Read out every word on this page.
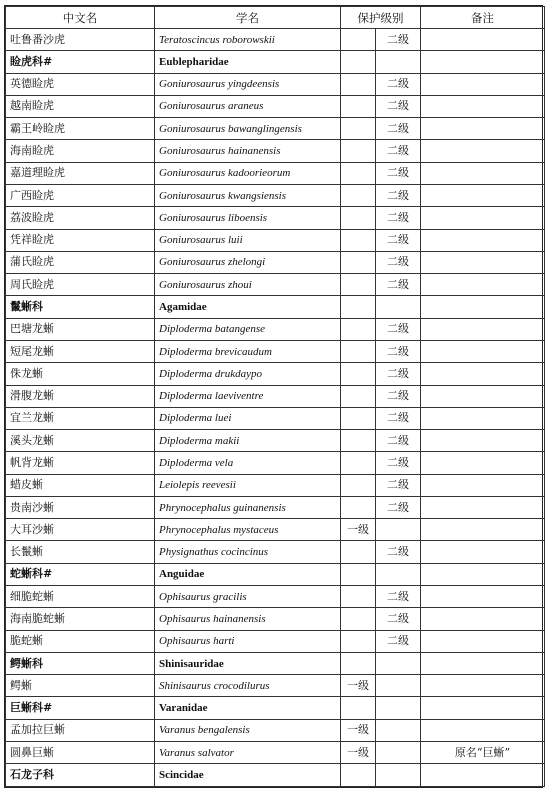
中文名	学名	保护级别		备注
吐鲁番沙虎	Teratoscincus roborowskii		二级	
睑虎科#	Eublepharidae			
英德睑虎	Goniurosaurus yingdeensis		二级	
越南睑虎	Goniurosaurus araneus		二级	
霸王岭睑虎	Goniurosaurus bawanglingensis		二级	
海南睑虎	Goniurosaurus hainanensis		二级	
嘉道理睑虎	Goniurosaurus kadoorieorum		二级	
广西睑虎	Goniurosaurus kwangsiensis		二级	
荔波睑虎	Goniurosaurus liboensis		二级	
凭祥睑虎	Goniurosaurus luii		二级	
蒲氏睑虎	Goniurosaurus zhelongi		二级	
周氏睑虎	Goniurosaurus zhoui		二级	
鬣蜥科	Agamidae			
巴塘龙蜥	Diploderma batangense		二级	
短尾龙蜥	Diploderma brevicaudum		二级	
侏龙蜥	Diploderma drukdaypo		二级	
滑腹龙蜥	Diploderma laeviventre		二级	
宜兰龙蜥	Diploderma luei		二级	
溪头龙蜥	Diploderma makii		二级	
帆背龙蜥	Diploderma vela		二级	
蜡皮蜥	Leiolepis reevesii		二级	
贵南沙蜥	Phrynocephalus guinanensis		二级	
大耳沙蜥	Phrynocephalus mystaceus	一级		
长鬣蜥	Physignathus cocincinus		二级	
蛇蜥科#	Anguidae			
细脆蛇蜥	Ophisaurus gracilis		二级	
海南脆蛇蜥	Ophisaurus hainanensis		二级	
脆蛇蜥	Ophisaurus harti		二级	
鳄蜥科	Shinisauridae			
鳄蜥	Shinisaurus crocodilurus	一级		
巨蜥科#	Varanidae			
孟加拉巨蜥	Varanus bengalensis	一级		
圆鼻巨蜥	Varanus salvator	一级		原名“巨蜥”
石龙子科	Scincidae			
